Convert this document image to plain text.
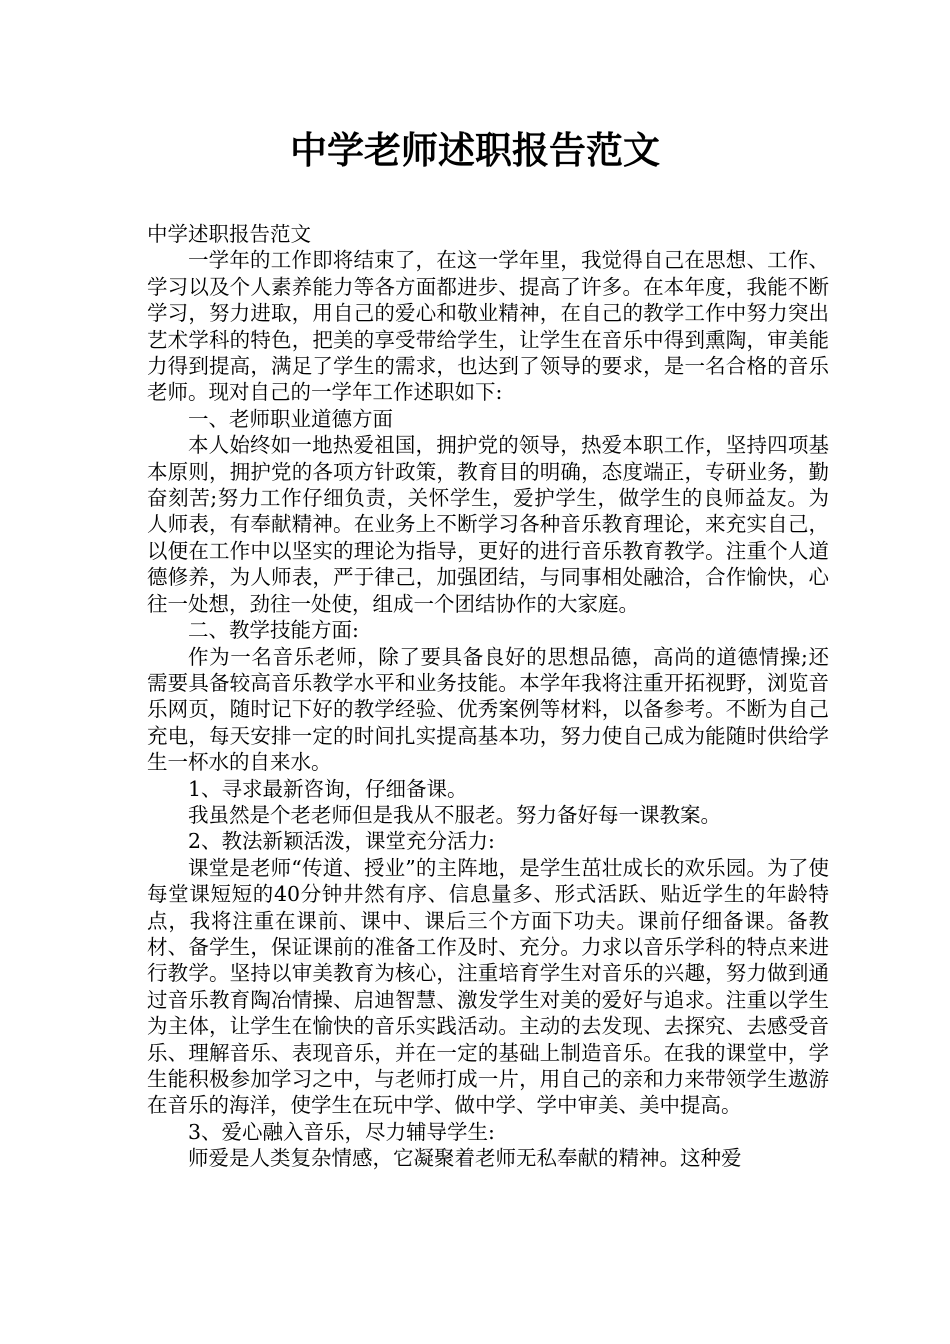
中学老师述职报告范文

中学述职报告范文

一学年的工作即将结束了，在这一学年里，我觉得自己在思想、工作、学习以及个人素养能力等各方面都进步、提高了许多。在本年度，我能不断学习，努力进取，用自己的爱心和敬业精神，在自己的教学工作中努力突出艺术学科的特色，把美的享受带给学生，让学生在音乐中得到熏陶，审美能力得到提高，满足了学生的需求，也达到了领导的要求，是一名合格的音乐老师。现对自己的一学年工作述职如下:

一、老师职业道德方面

本人始终如一地热爱祖国，拥护党的领导，热爱本职工作，坚持四项基本原则，拥护党的各项方针政策，教育目的明确，态度端正，专研业务，勤奋刻苦;努力工作仔细负责，关怀学生，爱护学生，做学生的良师益友。为人师表，有奉献精神。在业务上不断学习各种音乐教育理论，来充实自己，以便在工作中以坚实的理论为指导，更好的进行音乐教育教学。注重个人道德修养，为人师表，严于律己，加强团结，与同事相处融洽，合作愉快，心往一处想，劲往一处使，组成一个团结协作的大家庭。

二、教学技能方面:

作为一名音乐老师，除了要具备良好的思想品德，高尚的道德情操;还需要具备较高音乐教学水平和业务技能。本学年我将注重开拓视野，浏览音乐网页，随时记下好的教学经验、优秀案例等材料，以备参考。不断为自己充电，每天安排一定的时间扎实提高基本功，努力使自己成为能随时供给学生一杯水的自来水。

1、寻求最新咨询，仔细备课。

我虽然是个老老师但是我从不服老。努力备好每一课教案。

2、教法新颖活泼，课堂充分活力:

课堂是老师“传道、授业”的主阵地，是学生茁壮成长的欢乐园。为了使每堂课短短的40分钟井然有序、信息量多、形式活跃、贴近学生的年龄特点，我将注重在课前、课中、课后三个方面下功夫。课前仔细备课。备教材、备学生，保证课前的准备工作及时、充分。力求以音乐学科的特点来进行教学。坚持以审美教育为核心，注重培育学生对音乐的兴趣，努力做到通过音乐教育陶冶情操、启迪智慧、激发学生对美的爱好与追求。注重以学生为主体，让学生在愉快的音乐实践活动。主动的去发现、去探究、去感受音乐、理解音乐、表现音乐，并在一定的基础上制造音乐。在我的课堂中，学生能积极参加学习之中，与老师打成一片，用自己的亲和力来带领学生遨游在音乐的海洋，使学生在玩中学、做中学、学中审美、美中提高。

3、爱心融入音乐，尽力辅导学生:

师爱是人类复杂情感，它凝聚着老师无私奉献的精神。这种爱
